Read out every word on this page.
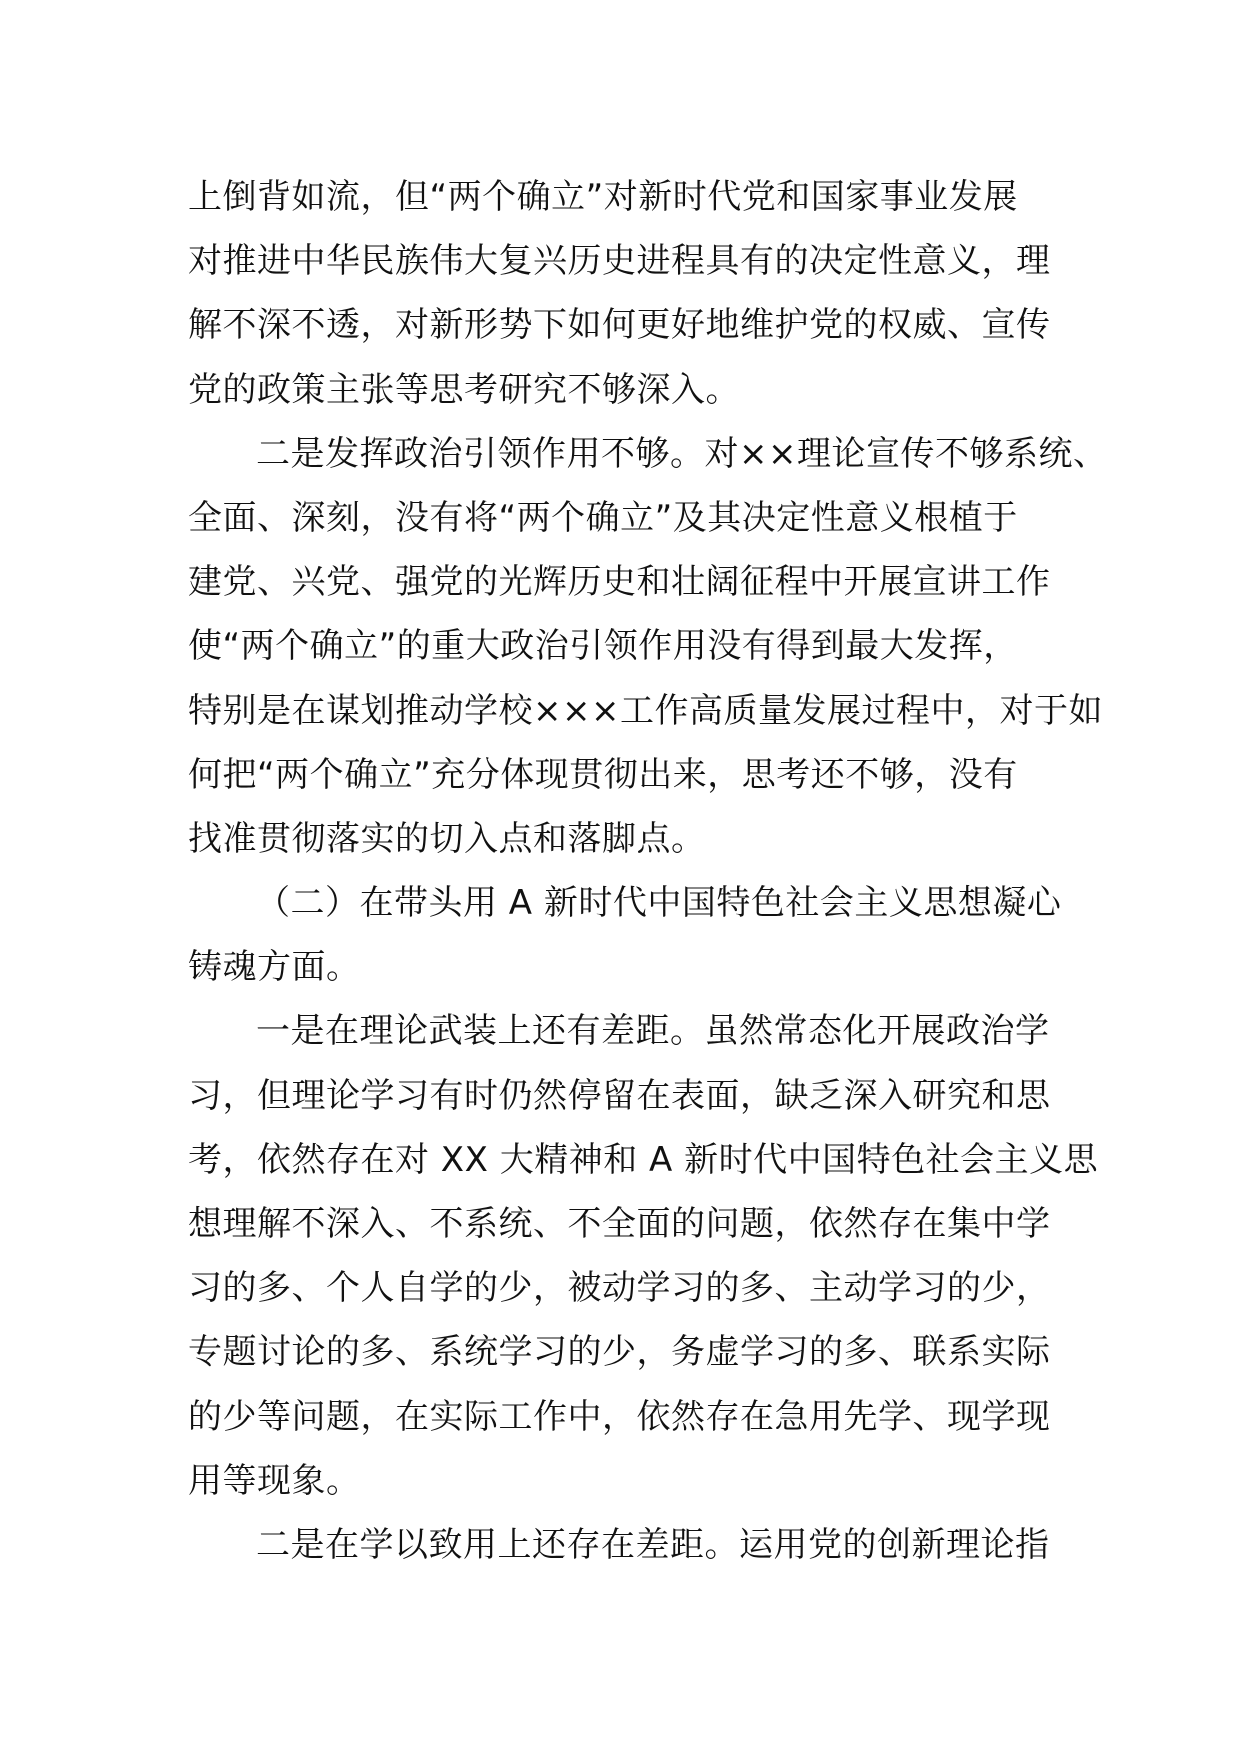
上倒背如流，但“两个确立”对新时代党和国家事业发展
对推进中华民族伟大复兴历史进程具有的决定性意义，理
解不深不透，对新形势下如何更好地维护党的权威、宣传
党的政策主张等思考研究不够深入。
二是发挥政治引领作用不够。对××理论宣传不够系统、
全面、深刻，没有将“两个确立”及其决定性意义根植于
建党、兴党、强党的光辉历史和壮阔征程中开展宣讲工作
使“两个确立”的重大政治引领作用没有得到最大发挥，
特别是在谋划推动学校×××工作高质量发展过程中，对于如
何把“两个确立”充分体现贯彻出来，思考还不够，没有
找准贯彻落实的切入点和落脚点。
（二）在带头用 A 新时代中国特色社会主义思想凝心
铸魂方面。
一是在理论武装上还有差距。虽然常态化开展政治学
习，但理论学习有时仍然停留在表面，缺乏深入研究和思
考，依然存在对 XX 大精神和 A 新时代中国特色社会主义思
想理解不深入、不系统、不全面的问题，依然存在集中学
习的多、个人自学的少，被动学习的多、主动学习的少，
专题讨论的多、系统学习的少，务虚学习的多、联系实际
的少等问题，在实际工作中，依然存在急用先学、现学现
用等现象。
二是在学以致用上还存在差距。运用党的创新理论指
